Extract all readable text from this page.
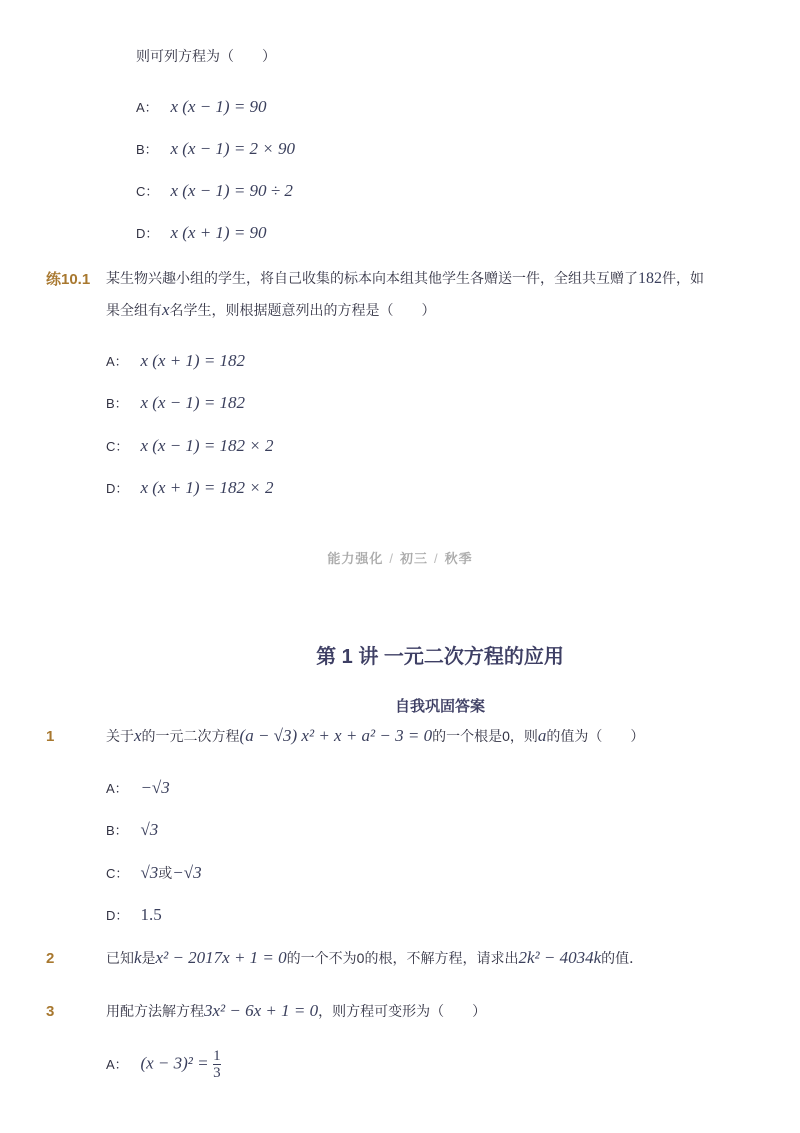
则可列方程为（　　）
A： x (x − 1) = 90
B： x (x − 1) = 2 × 90
C： x (x − 1) = 90 ÷ 2
D： x (x + 1) = 90
练10.1 某生物兴趣小组的学生，将自己收集的标本向本组其他学生各赠送一件，全组共互赠了182件，如
果全组有x名学生，则根据题意列出的方程是（　　）
A： x (x + 1) = 182
B： x (x − 1) = 182
C： x (x − 1) = 182 × 2
D： x (x + 1) = 182 × 2
能力强化 / 初三 / 秋季
第 1 讲 一元二次方程的应用
自我巩固答案
1	关于x的一元二次方程(a − √3) x² + x + a² − 3 = 0的一个根是0，则a的值为（　　）
A： −√3
B： √3
C： √3或−√3
D： 1.5
2	已知k是x² − 2017x + 1 = 0的一个不为0的根，不解方程，请求出2k² − 4034k的值．
3	用配方法解方程3x² − 6x + 1 = 0，则方程可变形为（　　）
A： $(x - 3)^2 = \frac{1}{3}$
